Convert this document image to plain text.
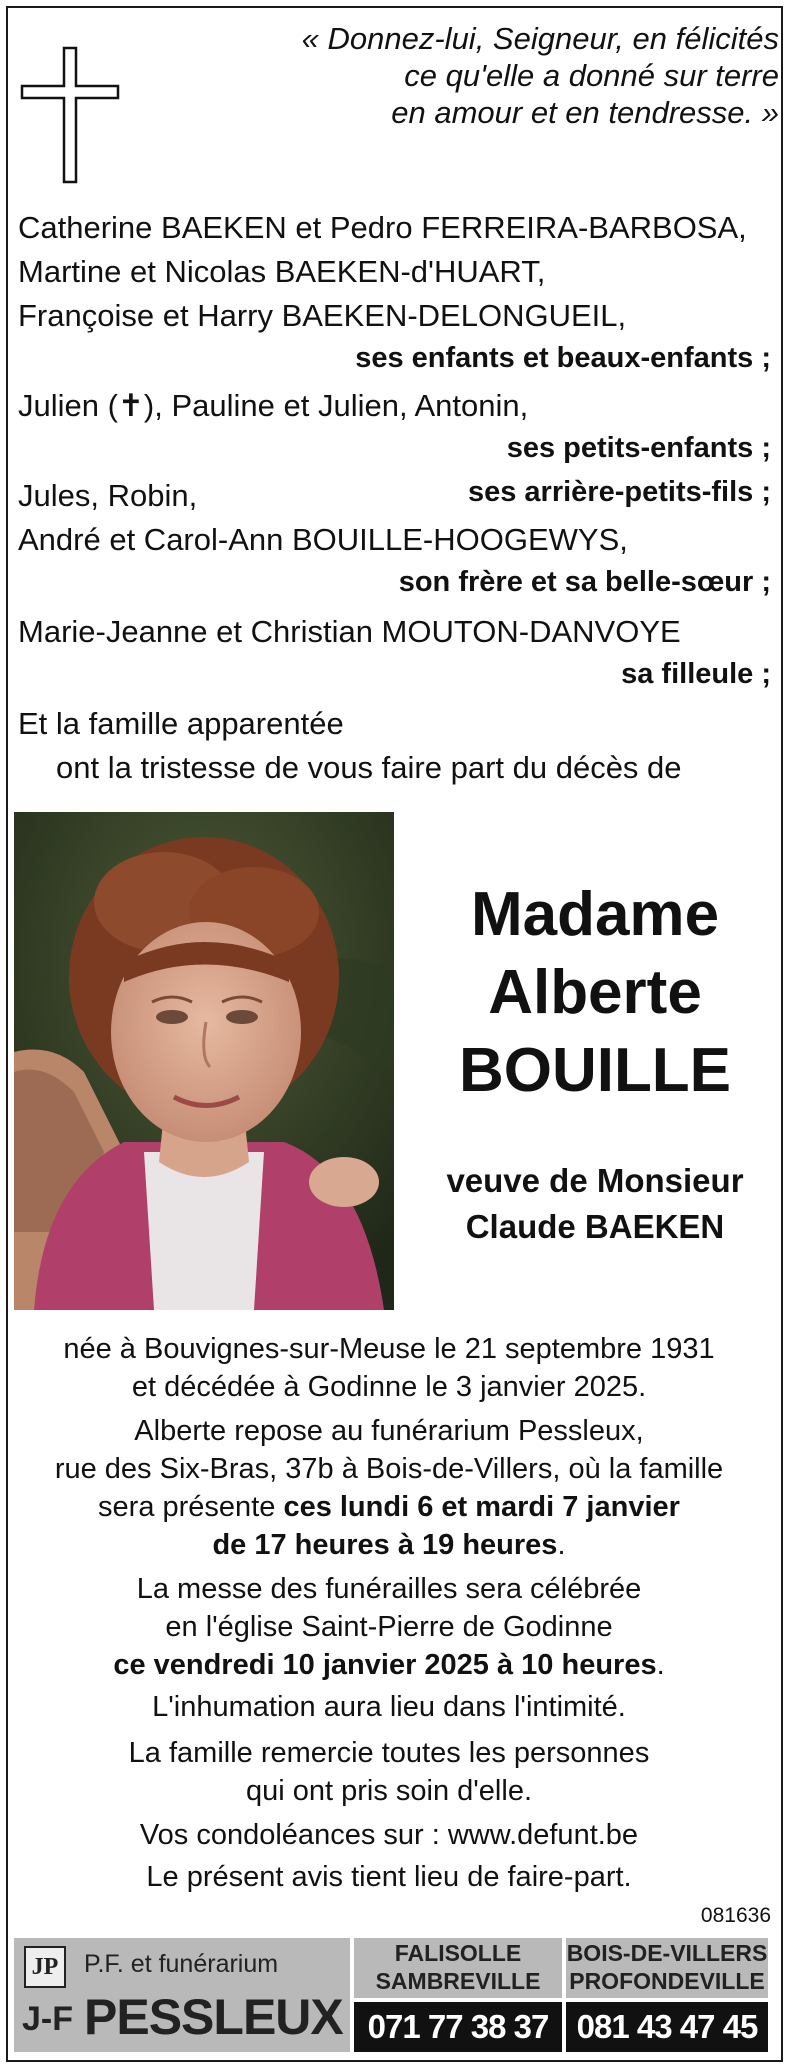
« Donnez-lui, Seigneur, en félicités
ce qu'elle a donné sur terre
en amour et en tendresse. »
Catherine BAEKEN et Pedro FERREIRA-BARBOSA,
Martine et Nicolas BAEKEN-d'HUART,
Françoise et Harry BAEKEN-DELONGUEIL,
ses enfants et beaux-enfants ;
Julien (✝), Pauline et Julien, Antonin,
ses petits-enfants ;
Jules, Robin,	ses arrière-petits-fils ;
André et Carol-Ann BOUILLE-HOOGEWYS,
son frère et sa belle-sœur ;
Marie-Jeanne et Christian MOUTON-DANVOYE
sa filleule ;
Et la famille apparentée
ont la tristesse de vous faire part du décès de
Madame
Alberte
BOUILLE
veuve de Monsieur
Claude BAEKEN
née à Bouvignes-sur-Meuse le 21 septembre 1931
et décédée à Godinne le 3 janvier 2025.
Alberte repose au funérarium Pessleux,
rue des Six-Bras, 37b à Bois-de-Villers, où la famille
sera présente ces lundi 6 et mardi 7 janvier
de 17 heures à 19 heures.
La messe des funérailles sera célébrée
en l'église Saint-Pierre de Godinne
ce vendredi 10 janvier 2025 à 10 heures.
L'inhumation aura lieu dans l'intimité.
La famille remercie toutes les personnes
qui ont pris soin d'elle.
Vos condoléances sur : www.defunt.be
Le présent avis tient lieu de faire-part.
081636
JP	P.F. et funérarium
J-F PESSLEUX
FALISOLLE
SAMBREVILLE
071 77 38 37
BOIS-DE-VILLERS
PROFONDEVILLE
081 43 47 45
